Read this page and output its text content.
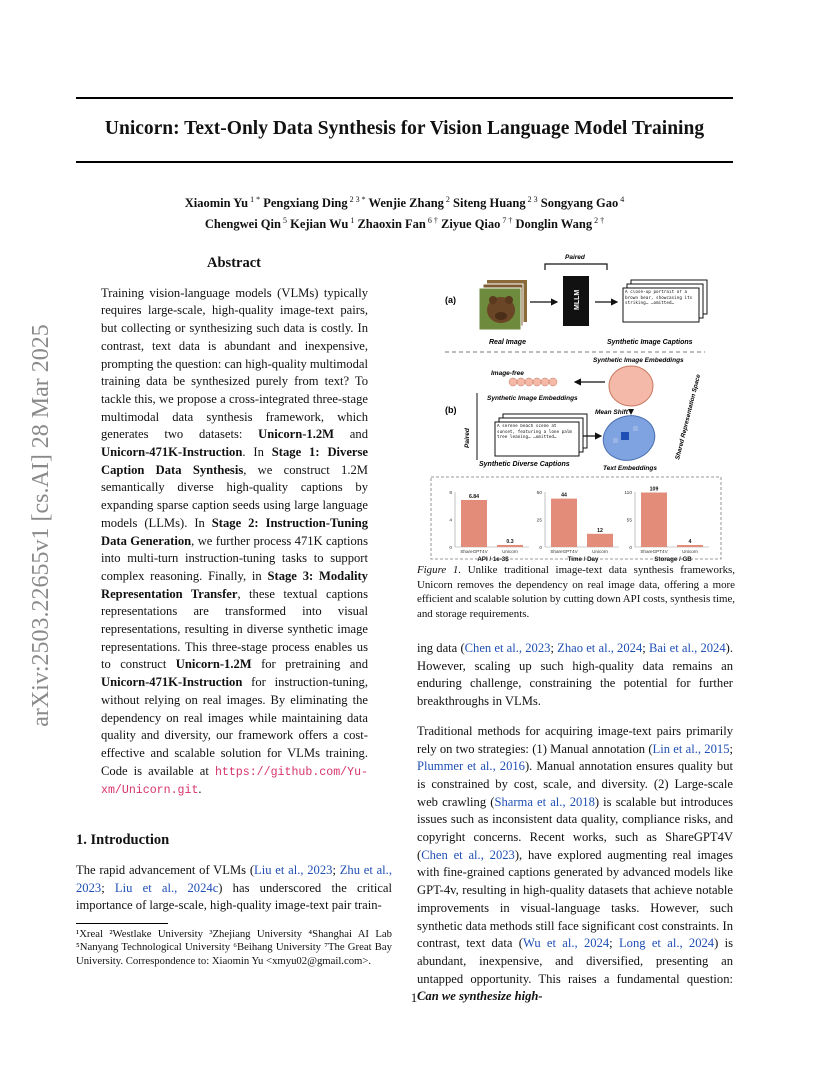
Unicorn: Text-Only Data Synthesis for Vision Language Model Training
Xiaomin Yu $^{1 *}$ Pengxiang Ding $^{2 3 *}$ Wenjie Zhang $^2$ Siteng Huang $^{2 3}$ Songyang Gao $^4$
Chengwei Qin $^5$ Kejian Wu $^1$ Zhaoxin Fan $^{6 \dagger}$ Ziyue Qiao $^{7 \dagger}$ Donglin Wang $^{2 \dagger}$
arXiv:2503.22655v1 [cs.AI] 28 Mar 2025
Abstract

Training vision-language models (VLMs) typically requires large-scale, high-quality image-text pairs, but collecting or synthesizing such data is costly. In contrast, text data is abundant and inexpensive, prompting the question: can high-quality multimodal training data be synthesized purely from text? To tackle this, we propose a cross-integrated three-stage multimodal data synthesis framework, which generates two datasets: Unicorn-1.2M and Unicorn-471K-Instruction. In Stage 1: Diverse Caption Data Synthesis, we construct 1.2M semantically diverse high-quality captions by expanding sparse caption seeds using large language models (LLMs). In Stage 2: Instruction-Tuning Data Generation, we further process 471K captions into multi-turn instruction-tuning tasks to support complex reasoning. Finally, in Stage 3: Modality Representation Transfer, these textual captions representations are transformed into visual representations, resulting in diverse synthetic image representations. This three-stage process enables us to construct Unicorn-1.2M for pretraining and Unicorn-471K-Instruction for instruction-tuning, without relying on real images. By eliminating the dependency on real images while maintaining data quality and diversity, our framework offers a cost-effective and scalable solution for VLMs training. Code is available at https://github.com/Yu-xm/Unicorn.git.

1. Introduction

The rapid advancement of VLMs (Liu et al., 2023; Zhu et al., 2023; Liu et al., 2024c) has underscored the critical importance of large-scale, high-quality image-text pair train-

¹Xreal ²Westlake University ³Zhejiang University ⁴Shanghai AI Lab ⁵Nanyang Technological University ⁶Beihang University ⁷The Great Bay University. Correspondence to: Xiaomin Yu <xmyu02@gmail.com>.
(a)
Real Image
MLLM
Paired
A close-up portrait of a brown bear, showcasing its striking… …omitted…
Synthetic Image Captions
(b)
Image-free
Synthetic Image Embeddings
Mean Shift	Shared Representation Space
Paired
Synthetic Image Embeddings
A serene beach scene at sunset, featuring a lone palm tree leaning… …omitted…
Synthetic Diverse Captions
Text Embeddings
0
4
8
6.84
ShareGPT4V
0.3
Unicorn
API / 1e-3$
0
25
50	44
ShareGPT4V
12
Unicorn
Time / Day
0
55
110
109
ShareGPT4V
4
Unicorn
Storage / GB
Figure 1. Unlike traditional image-text data synthesis frameworks, Unicorn removes the dependency on real image data, offering a more efficient and scalable solution by cutting down API costs, synthesis time, and storage requirements.

ing data (Chen et al., 2023; Zhao et al., 2024; Bai et al., 2024). However, scaling up such high-quality data remains an enduring challenge, constraining the potential for further breakthroughs in VLMs.

Traditional methods for acquiring image-text pairs primarily rely on two strategies: (1) Manual annotation (Lin et al., 2015; Plummer et al., 2016). Manual annotation ensures quality but is constrained by cost, scale, and diversity. (2) Large-scale web crawling (Sharma et al., 2018) is scalable but introduces issues such as inconsistent data quality, compliance risks, and copyright concerns. Recent works, such as ShareGPT4V (Chen et al., 2023), have explored augmenting real images with fine-grained captions generated by advanced models like GPT-4v, resulting in high-quality datasets that achieve notable improvements in visual-language tasks. However, such synthetic data methods still face significant cost constraints. In contrast, text data (Wu et al., 2024; Long et al., 2024) is abundant, inexpensive, and diversified, presenting an untapped opportunity. This raises a fundamental question: Can we synthesize high-

1
